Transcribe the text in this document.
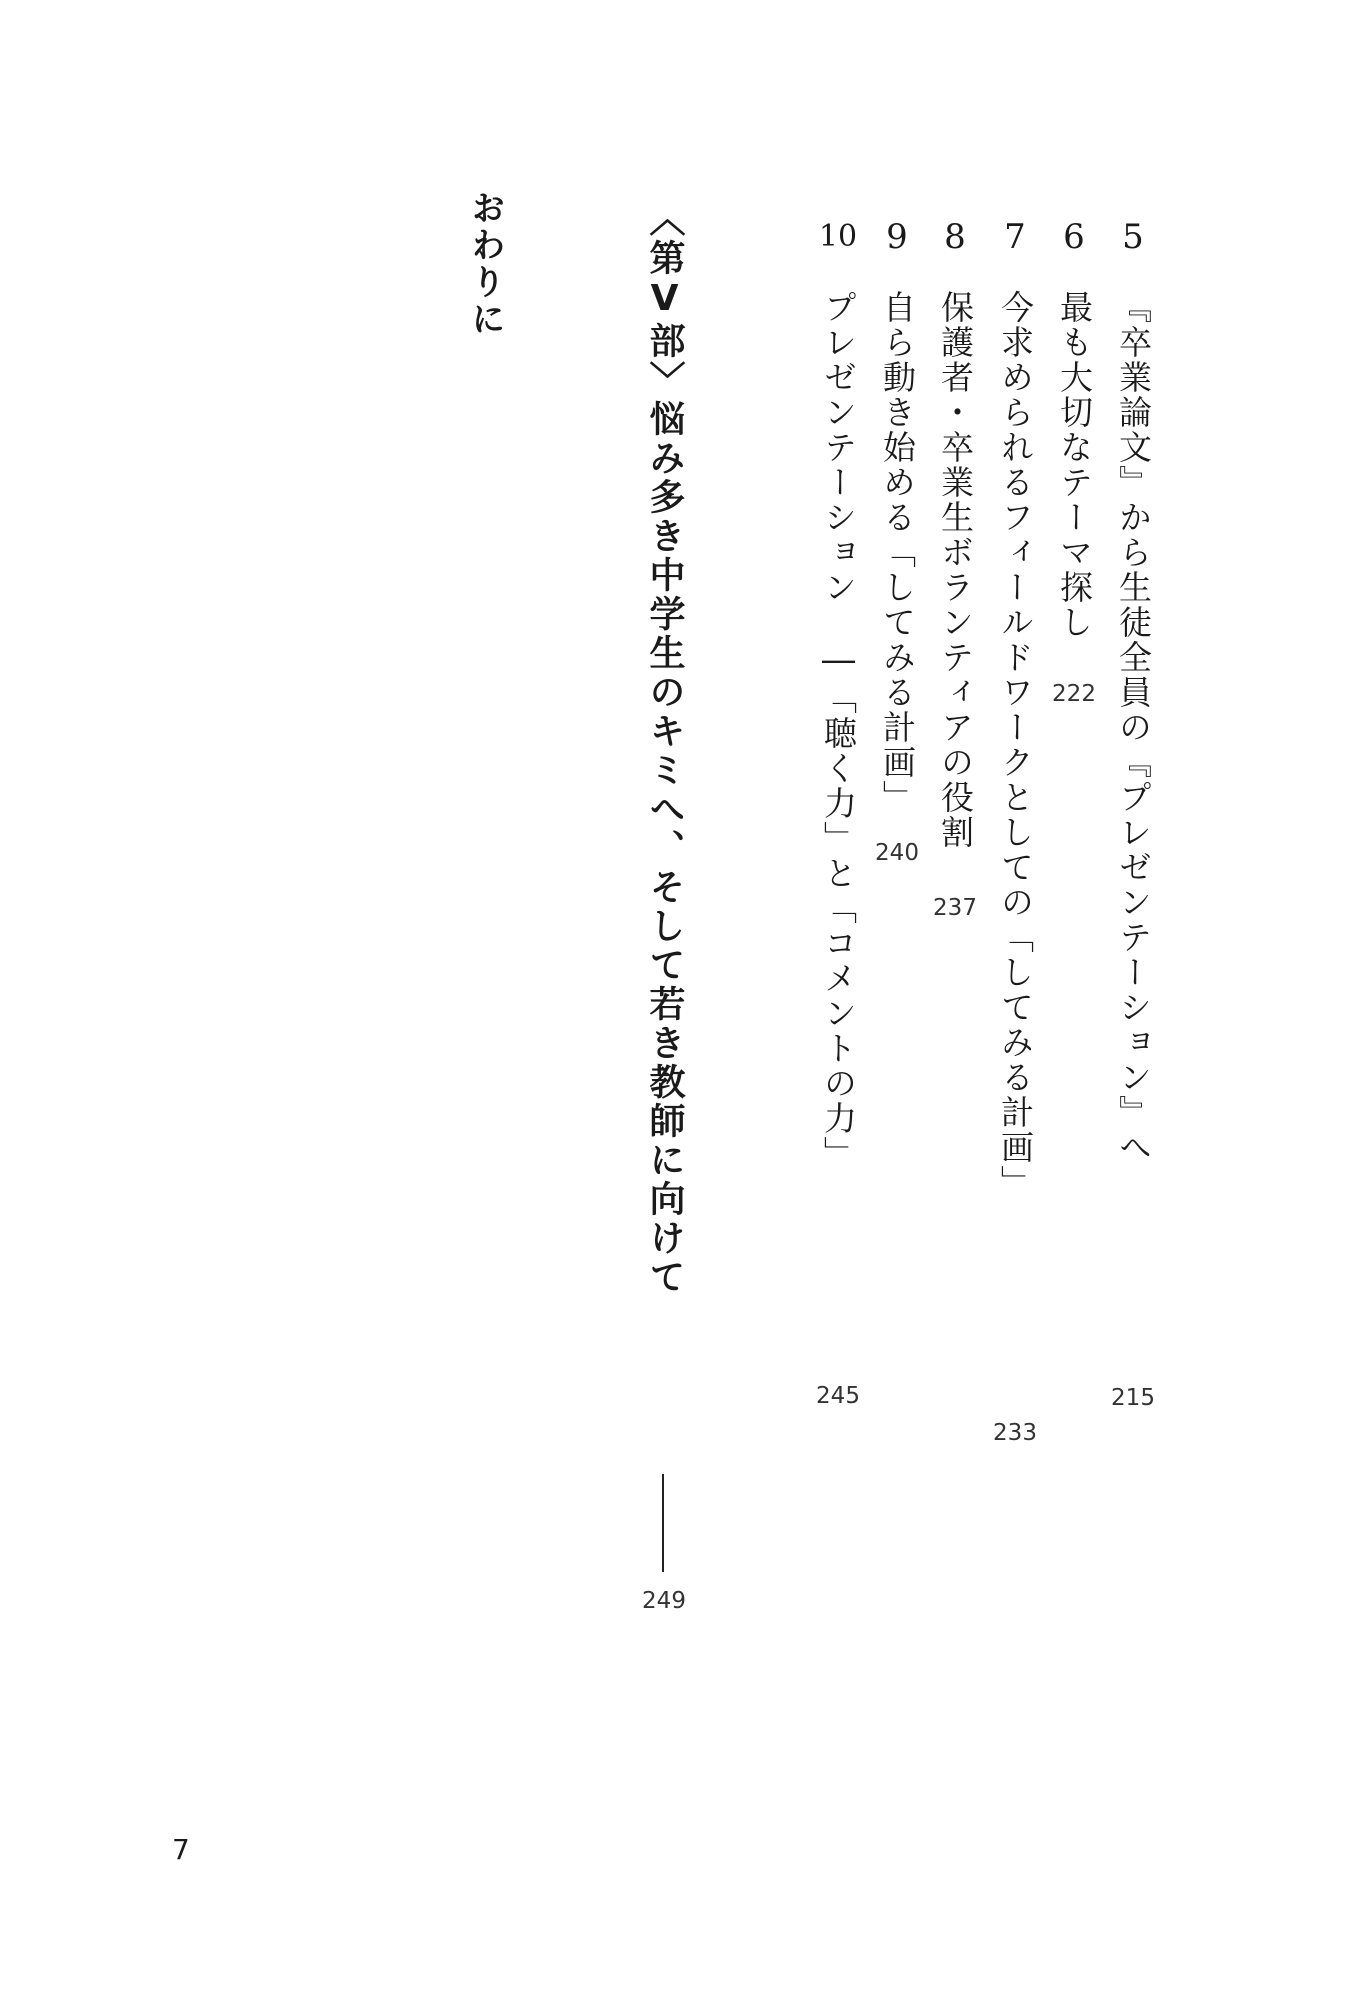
5
『卒業論文』から生徒全員の『プレゼンテーション』へ
215
6
最も大切なテーマ探し
222
7
今求められるフィールドワークとしての「してみる計画」
233
8
保護者・卒業生ボランティアの役割
237
9
自ら動き始める「してみる計画」
240
10
プレゼンテーション　―「聴く力」と「コメントの力」
245
〈第Ⅴ部〉悩み多き中学生のキミへ、そして若き教師に向けて
249
おわりに
7
